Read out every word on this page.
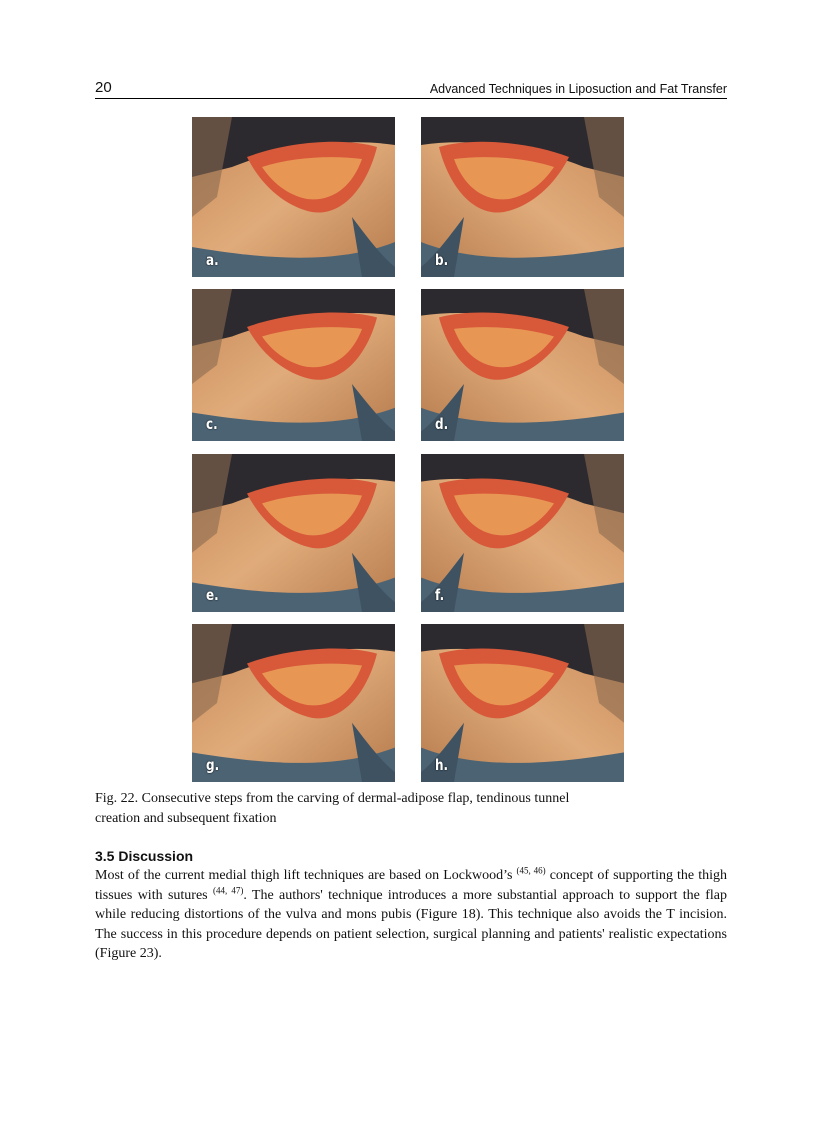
20	Advanced Techniques in Liposuction and Fat Transfer
a.	b.
c.	d.
e.	f.
g.	h.
Fig. 22. Consecutive steps from the carving of dermal-adipose flap, tendinous tunnel
creation and subsequent fixation
3.5 Discussion
Most of the current medial thigh lift techniques are based on Lockwood’s $^{(45, 46)}$ concept of supporting the thigh tissues with sutures $^{(44, 47)}$. The authors' technique introduces a more substantial approach to support the flap while reducing distortions of the vulva and mons pubis (Figure 18). This technique also avoids the T incision. The success in this procedure depends on patient selection, surgical planning and patients' realistic expectations (Figure 23).
